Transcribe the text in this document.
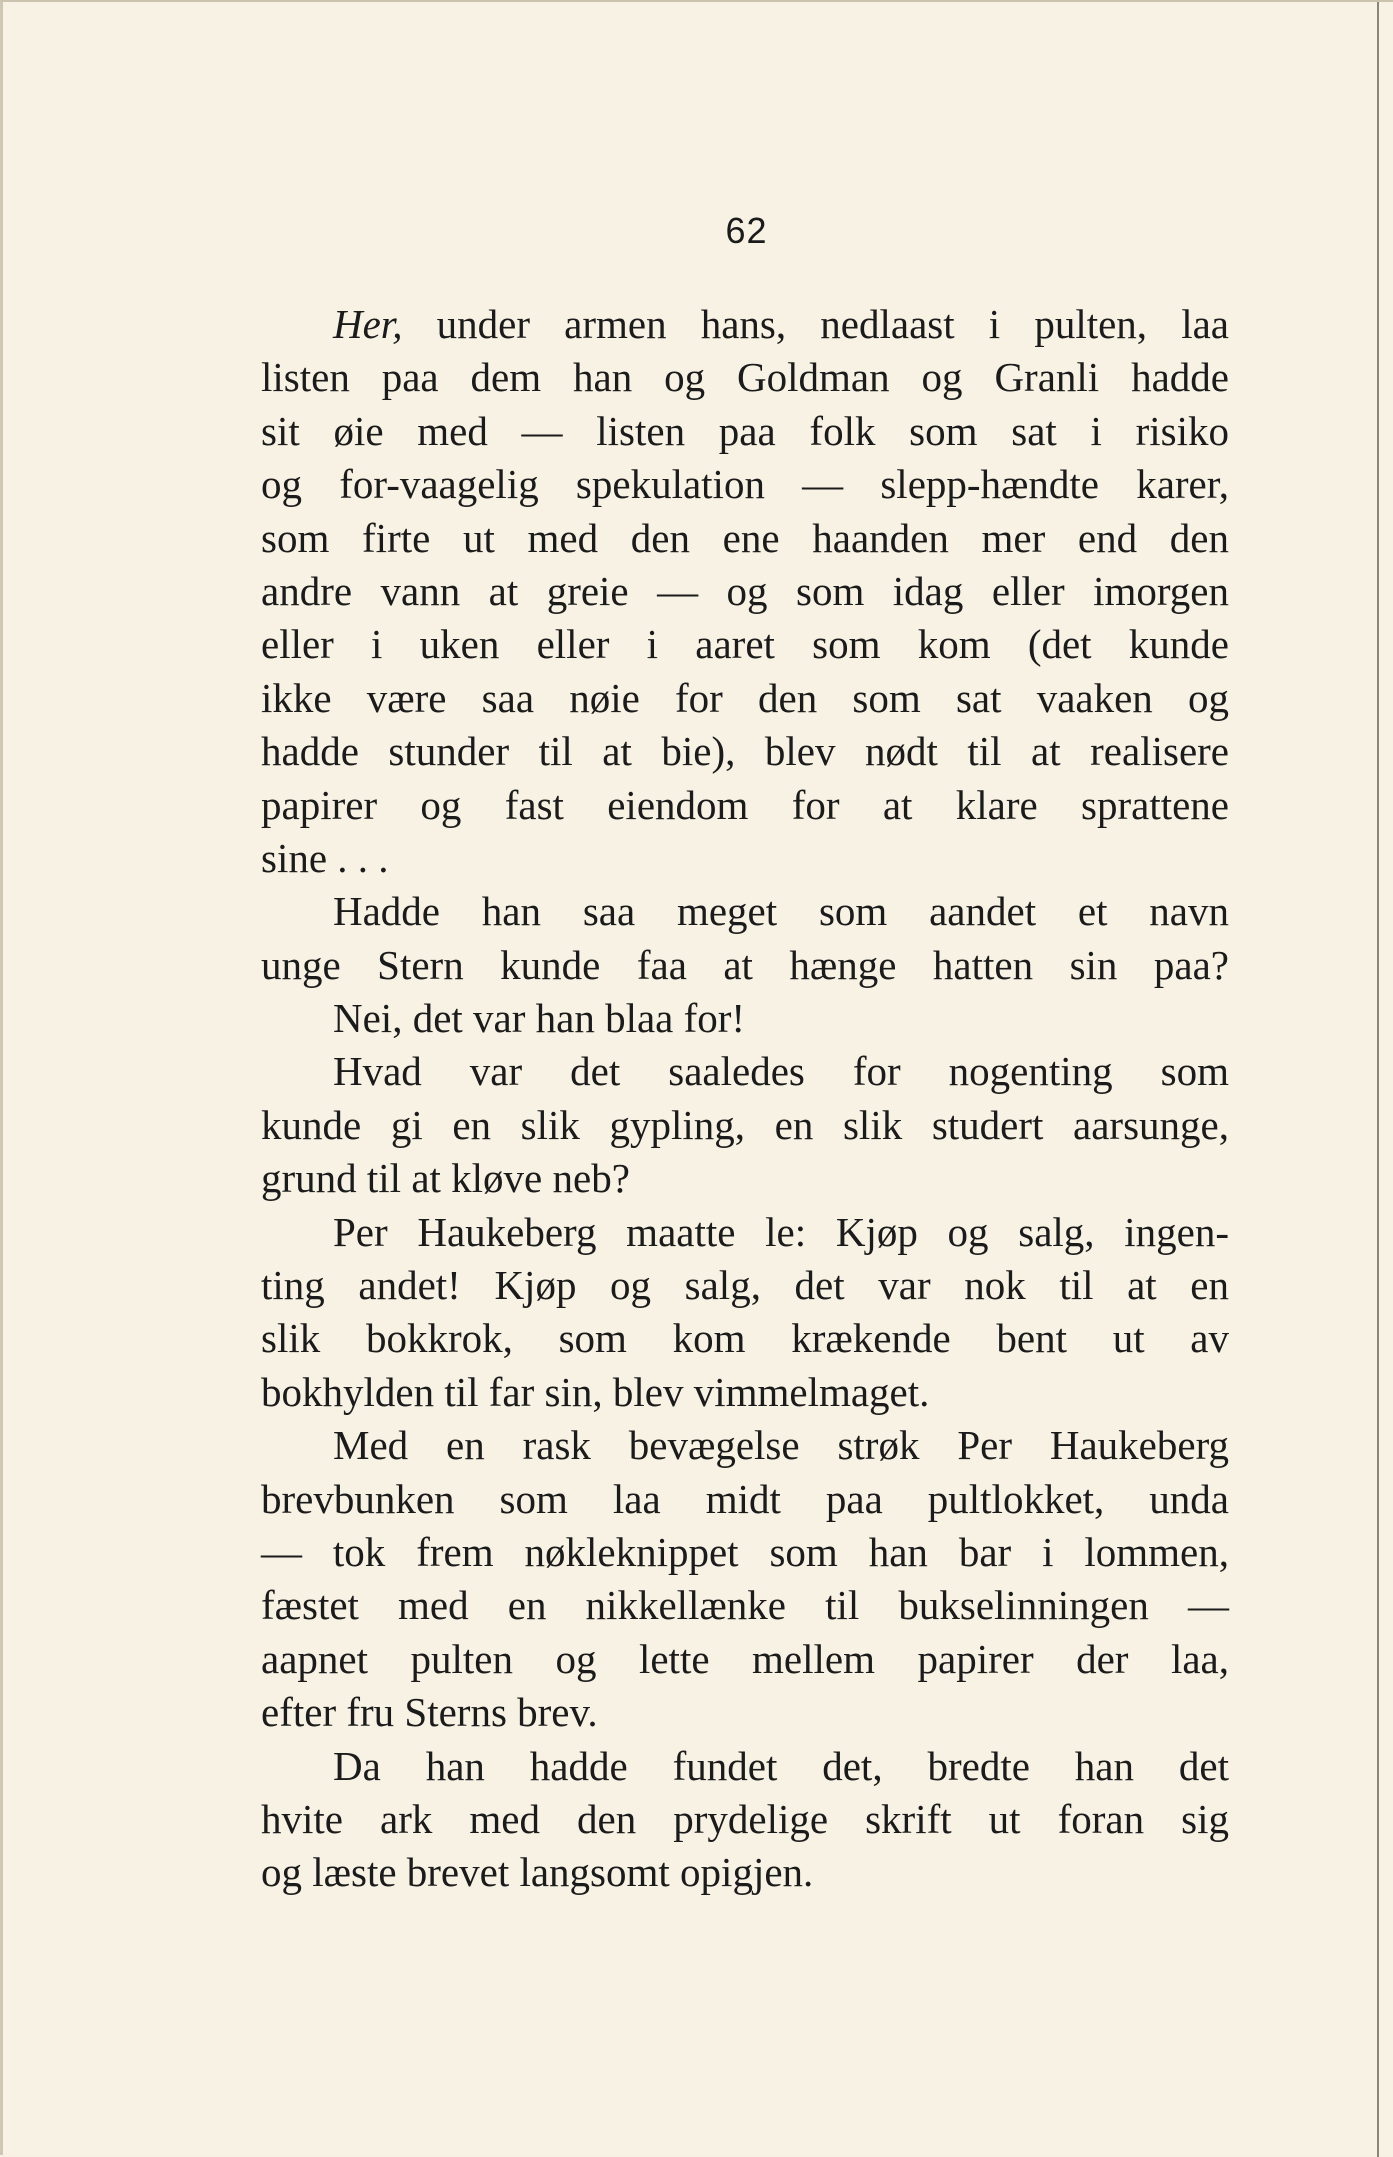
62
Her, under armen hans, nedlaast i pulten, laa
listen paa dem han og Goldman og Granli hadde
sit øie med — listen paa folk som sat i risiko
og for-vaagelig spekulation — slepp-hændte karer,
som firte ut med den ene haanden mer end den
andre vann at greie — og som idag eller imorgen
eller i uken eller i aaret som kom (det kunde
ikke være saa nøie for den som sat vaaken og
hadde stunder til at bie), blev nødt til at realisere
papirer og fast eiendom for at klare sprattene
sine . . .
Hadde han saa meget som aandet et navn
unge Stern kunde faa at hænge hatten sin paa?
Nei, det var han blaa for!
Hvad var det saaledes for nogenting som
kunde gi en slik gypling, en slik studert aarsunge,
grund til at kløve neb?
Per Haukeberg maatte le: Kjøp og salg, ingen-
ting andet! Kjøp og salg, det var nok til at en
slik bokkrok, som kom krækende bent ut av
bokhylden til far sin, blev vimmelmaget.
Med en rask bevægelse strøk Per Haukeberg
brevbunken som laa midt paa pultlokket, unda
— tok frem nøkleknippet som han bar i lommen,
fæstet med en nikkellænke til bukselinningen —
aapnet pulten og lette mellem papirer der laa,
efter fru Sterns brev.
Da han hadde fundet det, bredte han det
hvite ark med den prydelige skrift ut foran sig
og læste brevet langsomt opigjen.
